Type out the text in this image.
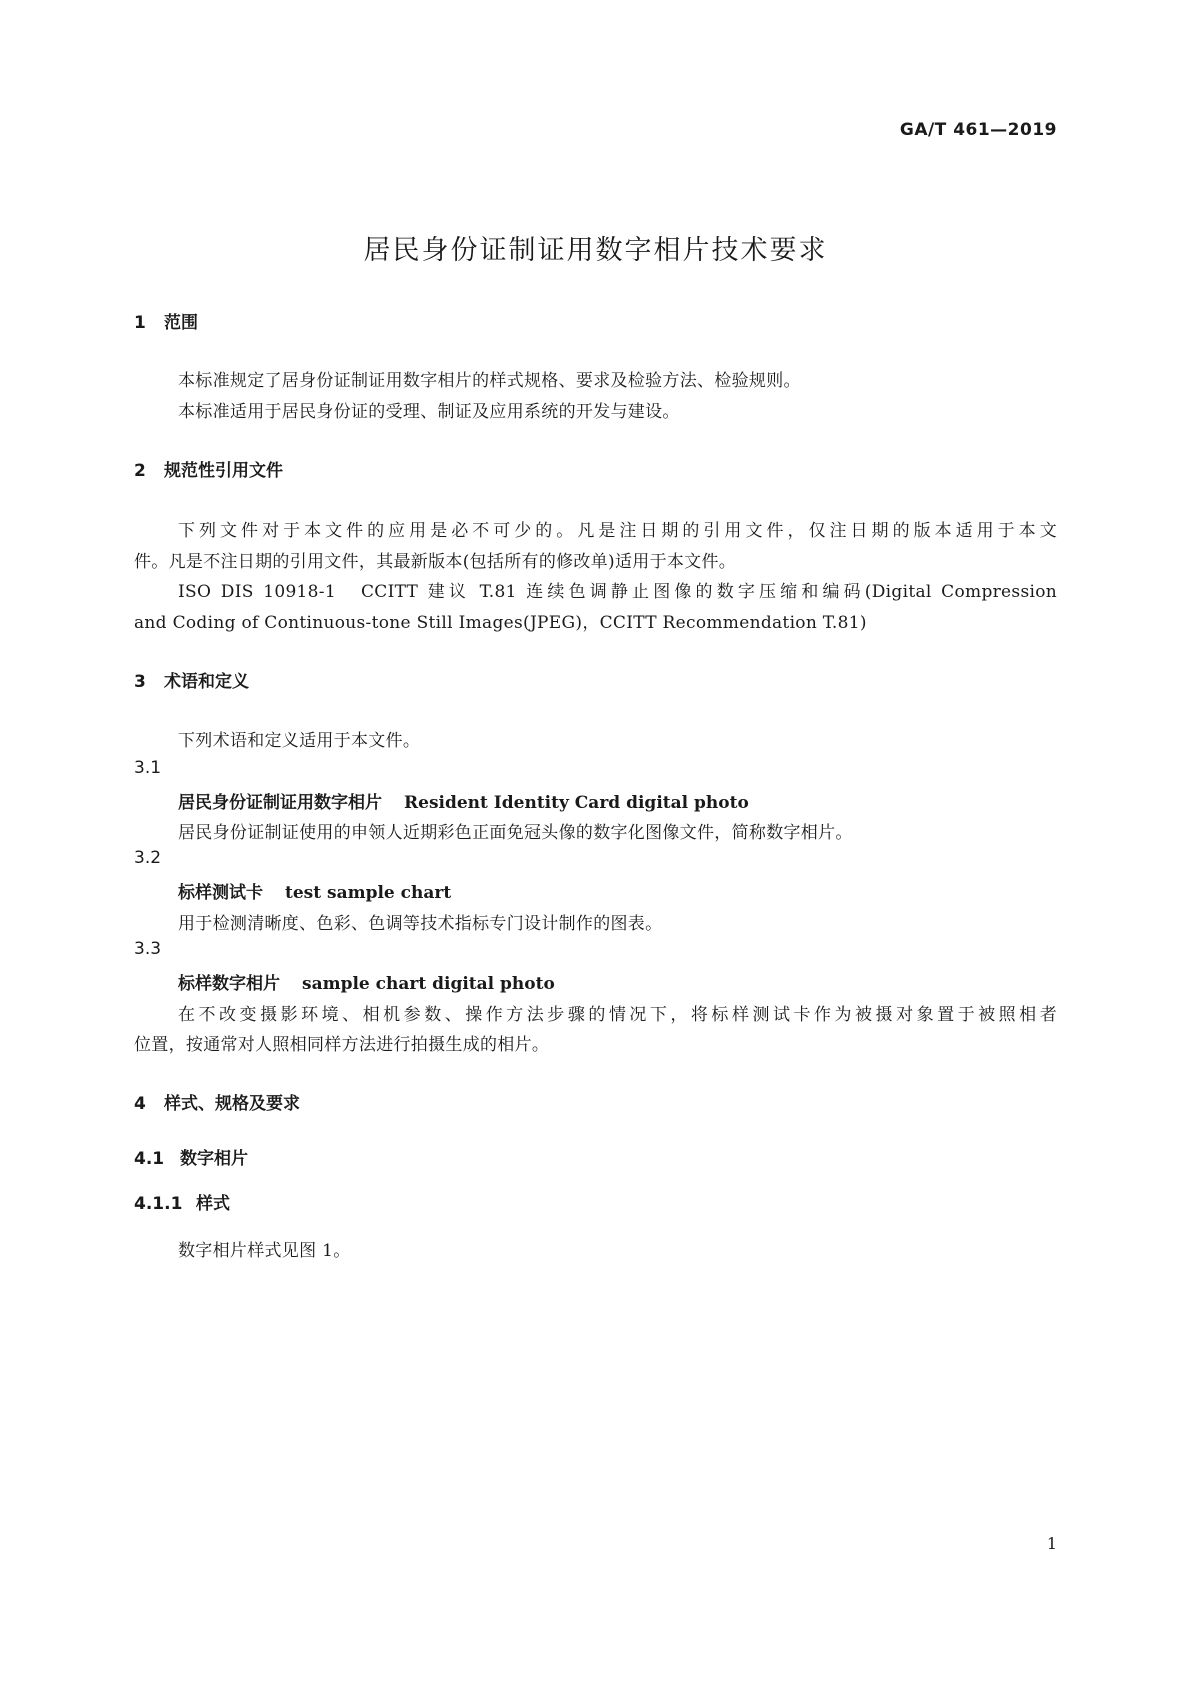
GA/T 461—2019
居民身份证制证用数字相片技术要求
1 范围
本标准规定了居身份证制证用数字相片的样式规格、要求及检验方法、检验规则。
本标准适用于居民身份证的受理、制证及应用系统的开发与建设。
2 规范性引用文件
下列文件对于本文件的应用是必不可少的。凡是注日期的引用文件，仅注日期的版本适用于本文
件。凡是不注日期的引用文件，其最新版本(包括所有的修改单)适用于本文件。
ISO DIS 10918-1　CCITT 建议 T.81 连续色调静止图像的数字压缩和编码(Digital Compression
and Coding of Continuous-tone Still Images(JPEG)，CCITT Recommendation T.81)
3 术语和定义
下列术语和定义适用于本文件。
3.1
居民身份证制证用数字相片 Resident Identity Card digital photo
居民身份证制证使用的申领人近期彩色正面免冠头像的数字化图像文件，简称数字相片。
3.2
标样测试卡 test sample chart
用于检测清晰度、色彩、色调等技术指标专门设计制作的图表。
3.3
标样数字相片 sample chart digital photo
在不改变摄影环境、相机参数、操作方法步骤的情况下，将标样测试卡作为被摄对象置于被照相者
位置，按通常对人照相同样方法进行拍摄生成的相片。
4 样式、规格及要求
4.1 数字相片
4.1.1 样式
数字相片样式见图 1。
1
